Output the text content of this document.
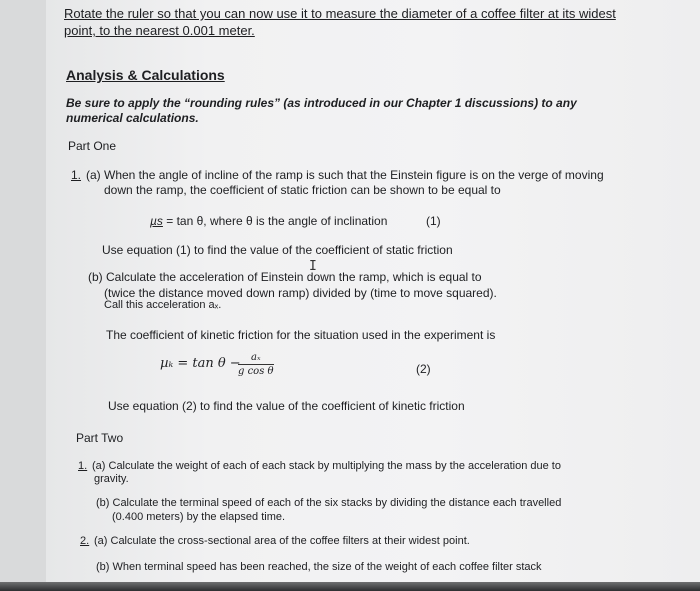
Rotate the ruler so that you can now use it to measure the diameter of a coffee filter at its widest
point, to the nearest 0.001 meter.
Analysis & Calculations
Be sure to apply the “rounding rules” (as introduced in our Chapter 1 discussions) to any
numerical calculations.
Part One
1. (a) When the angle of incline of the ramp is such that the Einstein figure is on the verge of moving
down the ramp, the coefficient of static friction can be shown to be equal to
µs = tan θ, where θ is the angle of inclination	(1)
Use equation (1) to find the value of the coefficient of static friction
I
(b) Calculate the acceleration of Einstein down the ramp, which is equal to
(twice the distance moved down ramp) divided by (time to move squared).
Call this acceleration aₓ.
The coefficient of kinetic friction for the situation used in the experiment is
µₖ = tan θ −
$\frac{\text{aₓ}}{\text{g cos θ}}$	(2)
Use equation (2) to find the value of the coefficient of kinetic friction
Part Two
1. (a) Calculate the weight of each of each stack by multiplying the mass by the acceleration due to
gravity.
(b) Calculate the terminal speed of each of the six stacks by dividing the distance each travelled
(0.400 meters) by the elapsed time.
2. (a) Calculate the cross-sectional area of the coffee filters at their widest point.
(b) When terminal speed has been reached, the size of the weight of each coffee filter stack
